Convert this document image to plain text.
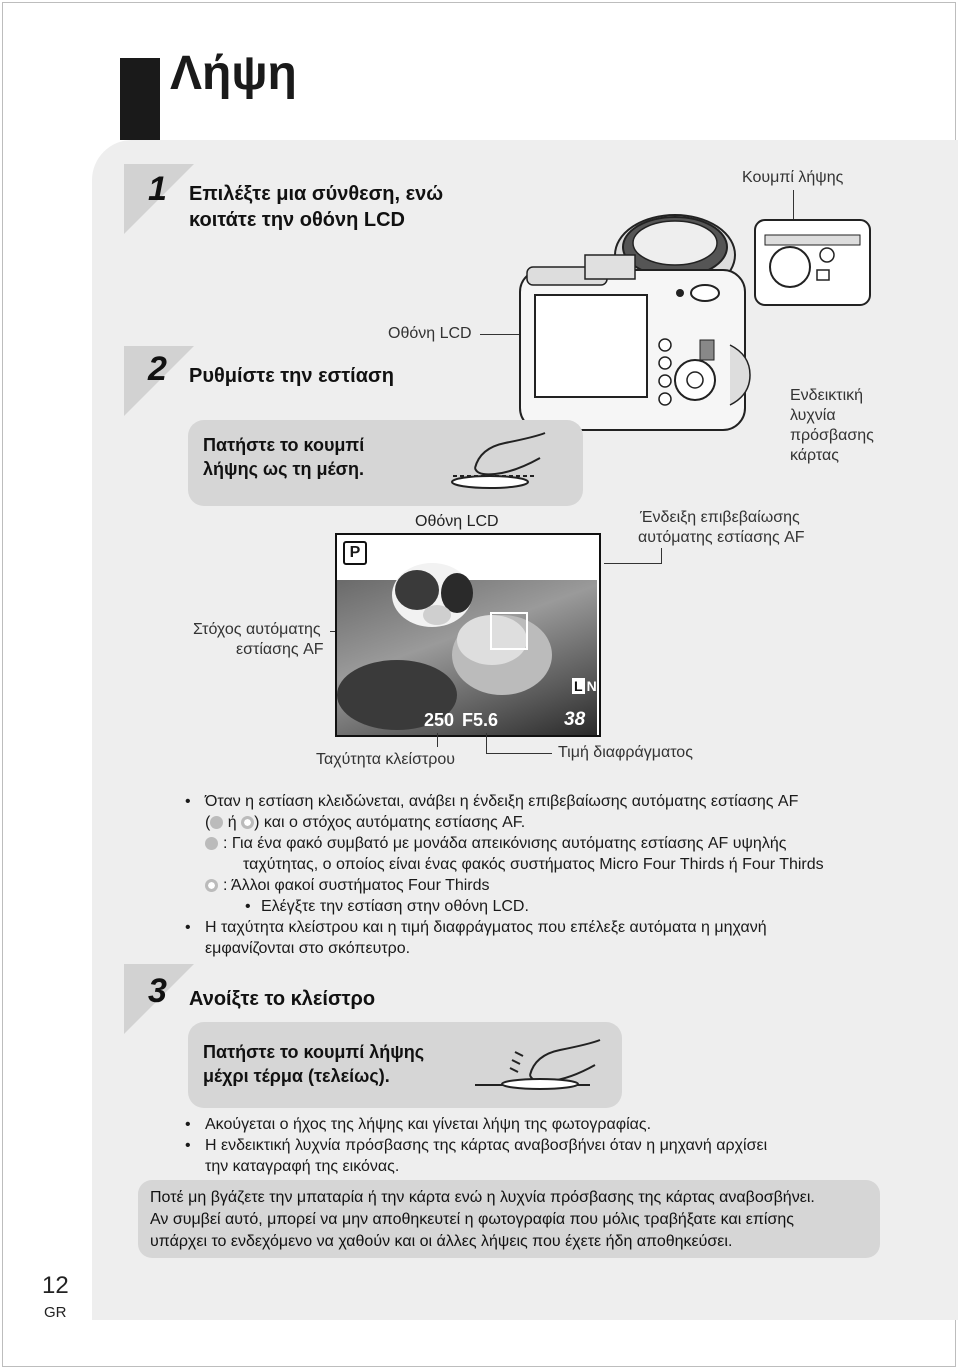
Λήψη
1 Επιλέξτε μια σύνθεση, ενώ
κοιτάτε την οθόνη LCD
Κουμπί λήψης
Οθόνη LCD
Ενδεικτική
λυχνία
πρόσβασης
κάρτας
2 Ρυθμίστε την εστίαση
Πατήστε το κουμπί
λήψης ως τη μέση.
Οθόνη LCD	Ένδειξη επιβεβαίωσης
αυτόματης εστίασης AF
Στόχος αυτόματης
εστίασης AF
P
L N
250 F5.6	38
Ταχύτητα κλείστρου	Τιμή διαφράγματος
• Όταν η εστίαση κλειδώνεται, ανάβει η ένδειξη επιβεβαίωσης αυτόματης εστίασης AF
( ή ) και ο στόχος αυτόματης εστίασης AF.
: Για ένα φακό συμβατό με μονάδα απεικόνισης αυτόματης εστίασης AF υψηλής
ταχύτητας, ο οποίος είναι ένας φακός συστήματος Micro Four Thirds ή Four Thirds
: Άλλοι φακοί συστήματος Four Thirds
• Ελέγξτε την εστίαση στην οθόνη LCD.
• Η ταχύτητα κλείστρου και η τιμή διαφράγματος που επέλεξε αυτόματα η μηχανή
εμφανίζονται στο σκόπευτρο.
3 Ανοίξτε το κλείστρο
Πατήστε το κουμπί λήψης
μέχρι τέρμα (τελείως).
• Ακούγεται ο ήχος της λήψης και γίνεται λήψη της φωτογραφίας.
• Η ενδεικτική λυχνία πρόσβασης της κάρτας αναβοσβήνει όταν η μηχανή αρχίσει
την καταγραφή της εικόνας.
Ποτέ μη βγάζετε την μπαταρία ή την κάρτα ενώ η λυχνία πρόσβασης της κάρτας αναβοσβήνει.
Αν συμβεί αυτό, μπορεί να μην αποθηκευτεί η φωτογραφία που μόλις τραβήξατε και επίσης
υπάρχει το ενδεχόμενο να χαθούν και οι άλλες λήψεις που έχετε ήδη αποθηκεύσει.
12
GR
